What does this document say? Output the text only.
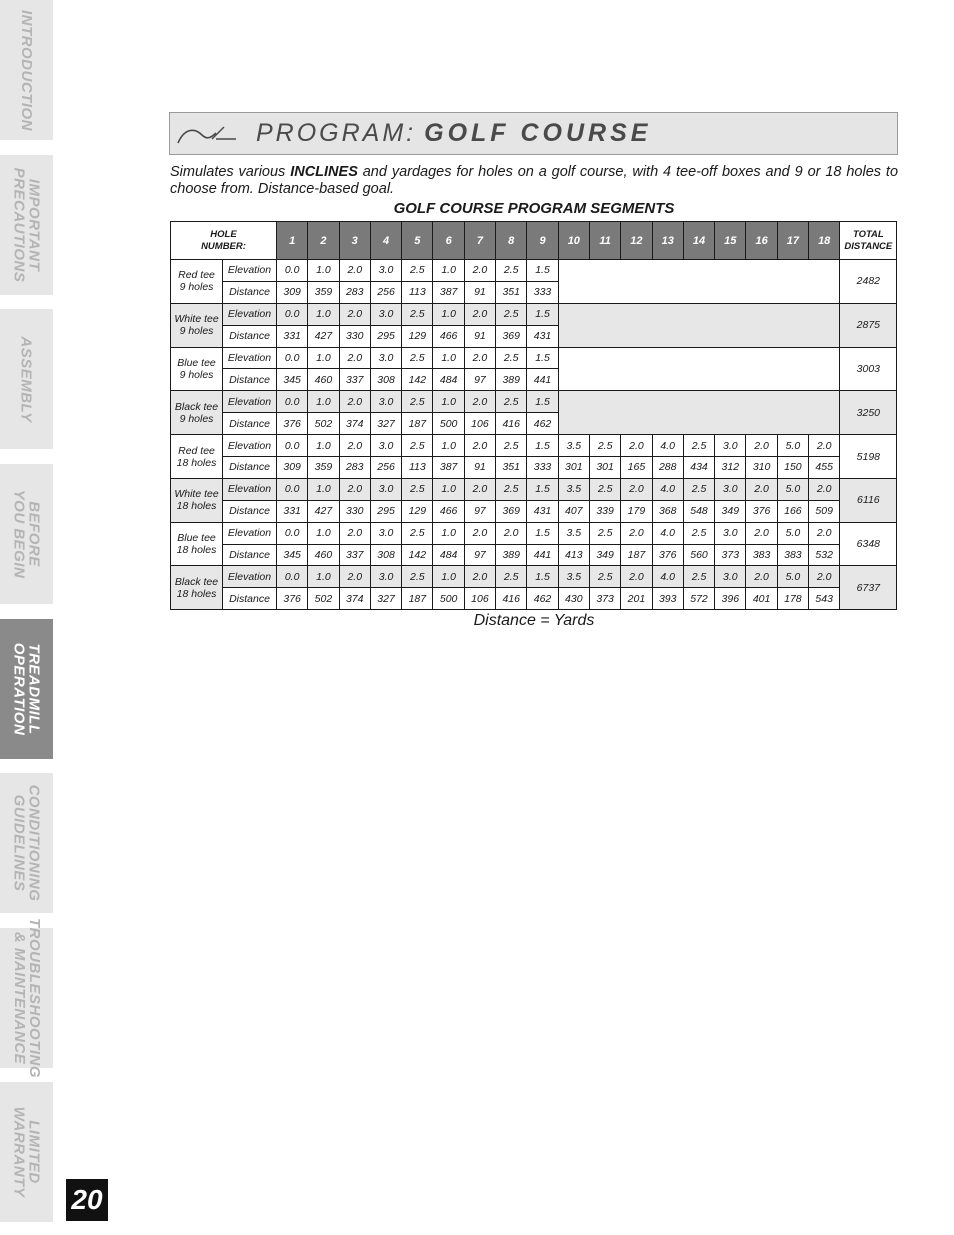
INTRODUCTION
IMPORTANT
PRECAUTIONS
ASSEMBLY
BEFORE
YOU BEGIN
TREADMILL
OPERATION
CONDITIONING
GUIDELINES
TROUBLESHOOTING
& MAINTENANCE
LIMITED
WARRANTY
20
PROGRAM: GOLF COURSE
Simulates various INCLINES and yardages for holes on a golf course, with 4 tee-off boxes and 9 or 18 holes to choose from. Distance-based goal.
GOLF COURSE PROGRAM SEGMENTS
HOLE
NUMBER:		1	2	3	4	5	6	7	8	9	10	11	12	13	14	15	16	17	18	TOTAL
DISTANCE
Red tee
9 holes	Elevation	0.0	1.0	2.0	3.0	2.5	1.0	2.0	2.5	1.5										2482
	Distance	309	359	283	256	113	387	91	351	333										
White tee
9 holes	Elevation	0.0	1.0	2.0	3.0	2.5	1.0	2.0	2.5	1.5										2875
	Distance	331	427	330	295	129	466	91	369	431										
Blue tee
9 holes	Elevation	0.0	1.0	2.0	3.0	2.5	1.0	2.0	2.5	1.5										3003
	Distance	345	460	337	308	142	484	97	389	441										
Black tee
9 holes	Elevation	0.0	1.0	2.0	3.0	2.5	1.0	2.0	2.5	1.5										3250
	Distance	376	502	374	327	187	500	106	416	462										
Red tee
18 holes	Elevation	0.0	1.0	2.0	3.0	2.5	1.0	2.0	2.5	1.5	3.5	2.5	2.0	4.0	2.5	3.0	2.0	5.0	2.0	5198
	Distance	309	359	283	256	113	387	91	351	333	301	301	165	288	434	312	310	150	455	
White tee
18 holes	Elevation	0.0	1.0	2.0	3.0	2.5	1.0	2.0	2.5	1.5	3.5	2.5	2.0	4.0	2.5	3.0	2.0	5.0	2.0	6116
	Distance	331	427	330	295	129	466	97	369	431	407	339	179	368	548	349	376	166	509	
Blue tee
18 holes	Elevation	0.0	1.0	2.0	3.0	2.5	1.0	2.0	2.0	1.5	3.5	2.5	2.0	4.0	2.5	3.0	2.0	5.0	2.0	6348
	Distance	345	460	337	308	142	484	97	389	441	413	349	187	376	560	373	383	383	532	
Black tee
18 holes	Elevation	0.0	1.0	2.0	3.0	2.5	1.0	2.0	2.5	1.5	3.5	2.5	2.0	4.0	2.5	3.0	2.0	5.0	2.0	6737
	Distance	376	502	374	327	187	500	106	416	462	430	373	201	393	572	396	401	178	543	
Distance = Yards
